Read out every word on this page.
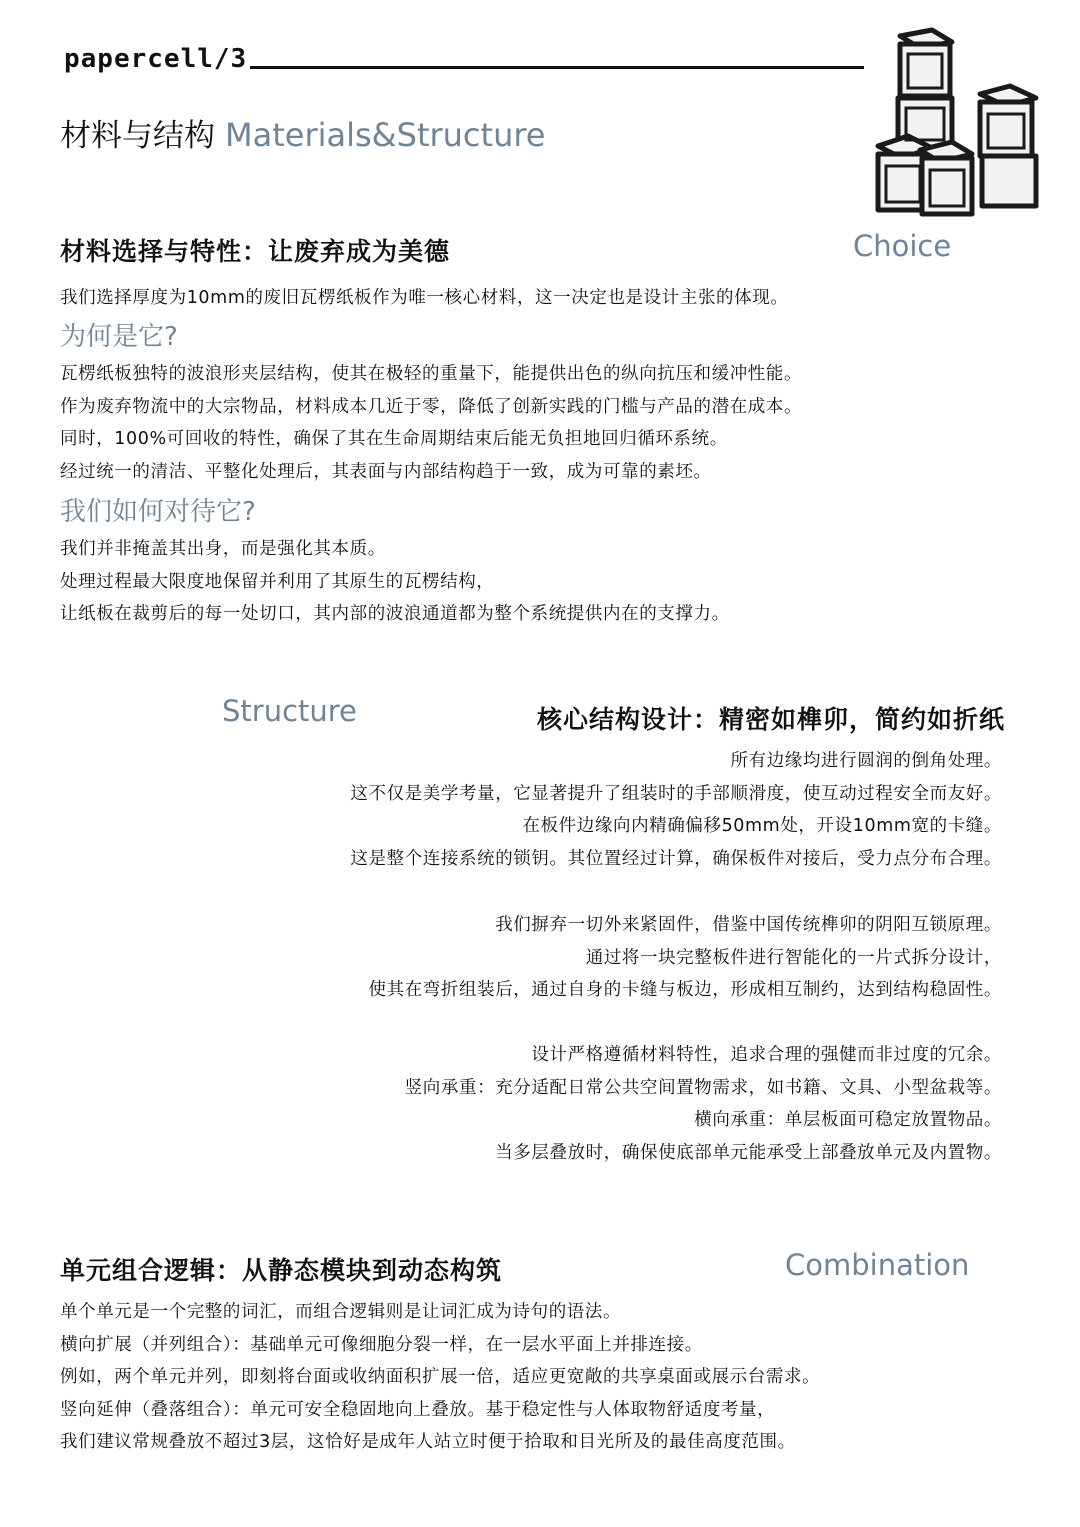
papercell/3
材料与结构 Materials&Structure
材料选择与特性：让废弃成为美德	Choice
我们选择厚度为10mm的废旧瓦楞纸板作为唯一核心材料，这一决定也是设计主张的体现。
为何是它?

瓦楞纸板独特的波浪形夹层结构，使其在极轻的重量下，能提供出色的纵向抗压和缓冲性能。

作为废弃物流中的大宗物品，材料成本几近于零，降低了创新实践的门槛与产品的潜在成本。

同时，100%可回收的特性，确保了其在生命周期结束后能无负担地回归循环系统。

经过统一的清洁、平整化处理后，其表面与内部结构趋于一致，成为可靠的素坯。

我们如何对待它?

我们并非掩盖其出身，而是强化其本质。

处理过程最大限度地保留并利用了其原生的瓦楞结构，

让纸板在裁剪后的每一处切口，其内部的波浪通道都为整个系统提供内在的支撑力。

Structure	核心结构设计：精密如榫卯，简约如折纸

所有边缘均进行圆润的倒角处理。

这不仅是美学考量，它显著提升了组装时的手部顺滑度，使互动过程安全而友好。

在板件边缘向内精确偏移50mm处，开设10mm宽的卡缝。

这是整个连接系统的锁钥。其位置经过计算，确保板件对接后，受力点分布合理。

我们摒弃一切外来紧固件，借鉴中国传统榫卯的阴阳互锁原理。

通过将一块完整板件进行智能化的一片式拆分设计，

使其在弯折组装后，通过自身的卡缝与板边，形成相互制约，达到结构稳固性。

设计严格遵循材料特性，追求合理的强健而非过度的冗余。

竖向承重：充分适配日常公共空间置物需求，如书籍、文具、小型盆栽等。

横向承重：单层板面可稳定放置物品。

当多层叠放时，确保使底部单元能承受上部叠放单元及内置物。

单元组合逻辑：从静态模块到动态构筑	Combination

单个单元是一个完整的词汇，而组合逻辑则是让词汇成为诗句的语法。

横向扩展（并列组合）：基础单元可像细胞分裂一样，在一层水平面上并排连接。

例如，两个单元并列，即刻将台面或收纳面积扩展一倍，适应更宽敞的共享桌面或展示台需求。

竖向延伸（叠落组合）：单元可安全稳固地向上叠放。基于稳定性与人体取物舒适度考量，

我们建议常规叠放不超过3层，这恰好是成年人站立时便于拾取和目光所及的最佳高度范围。
